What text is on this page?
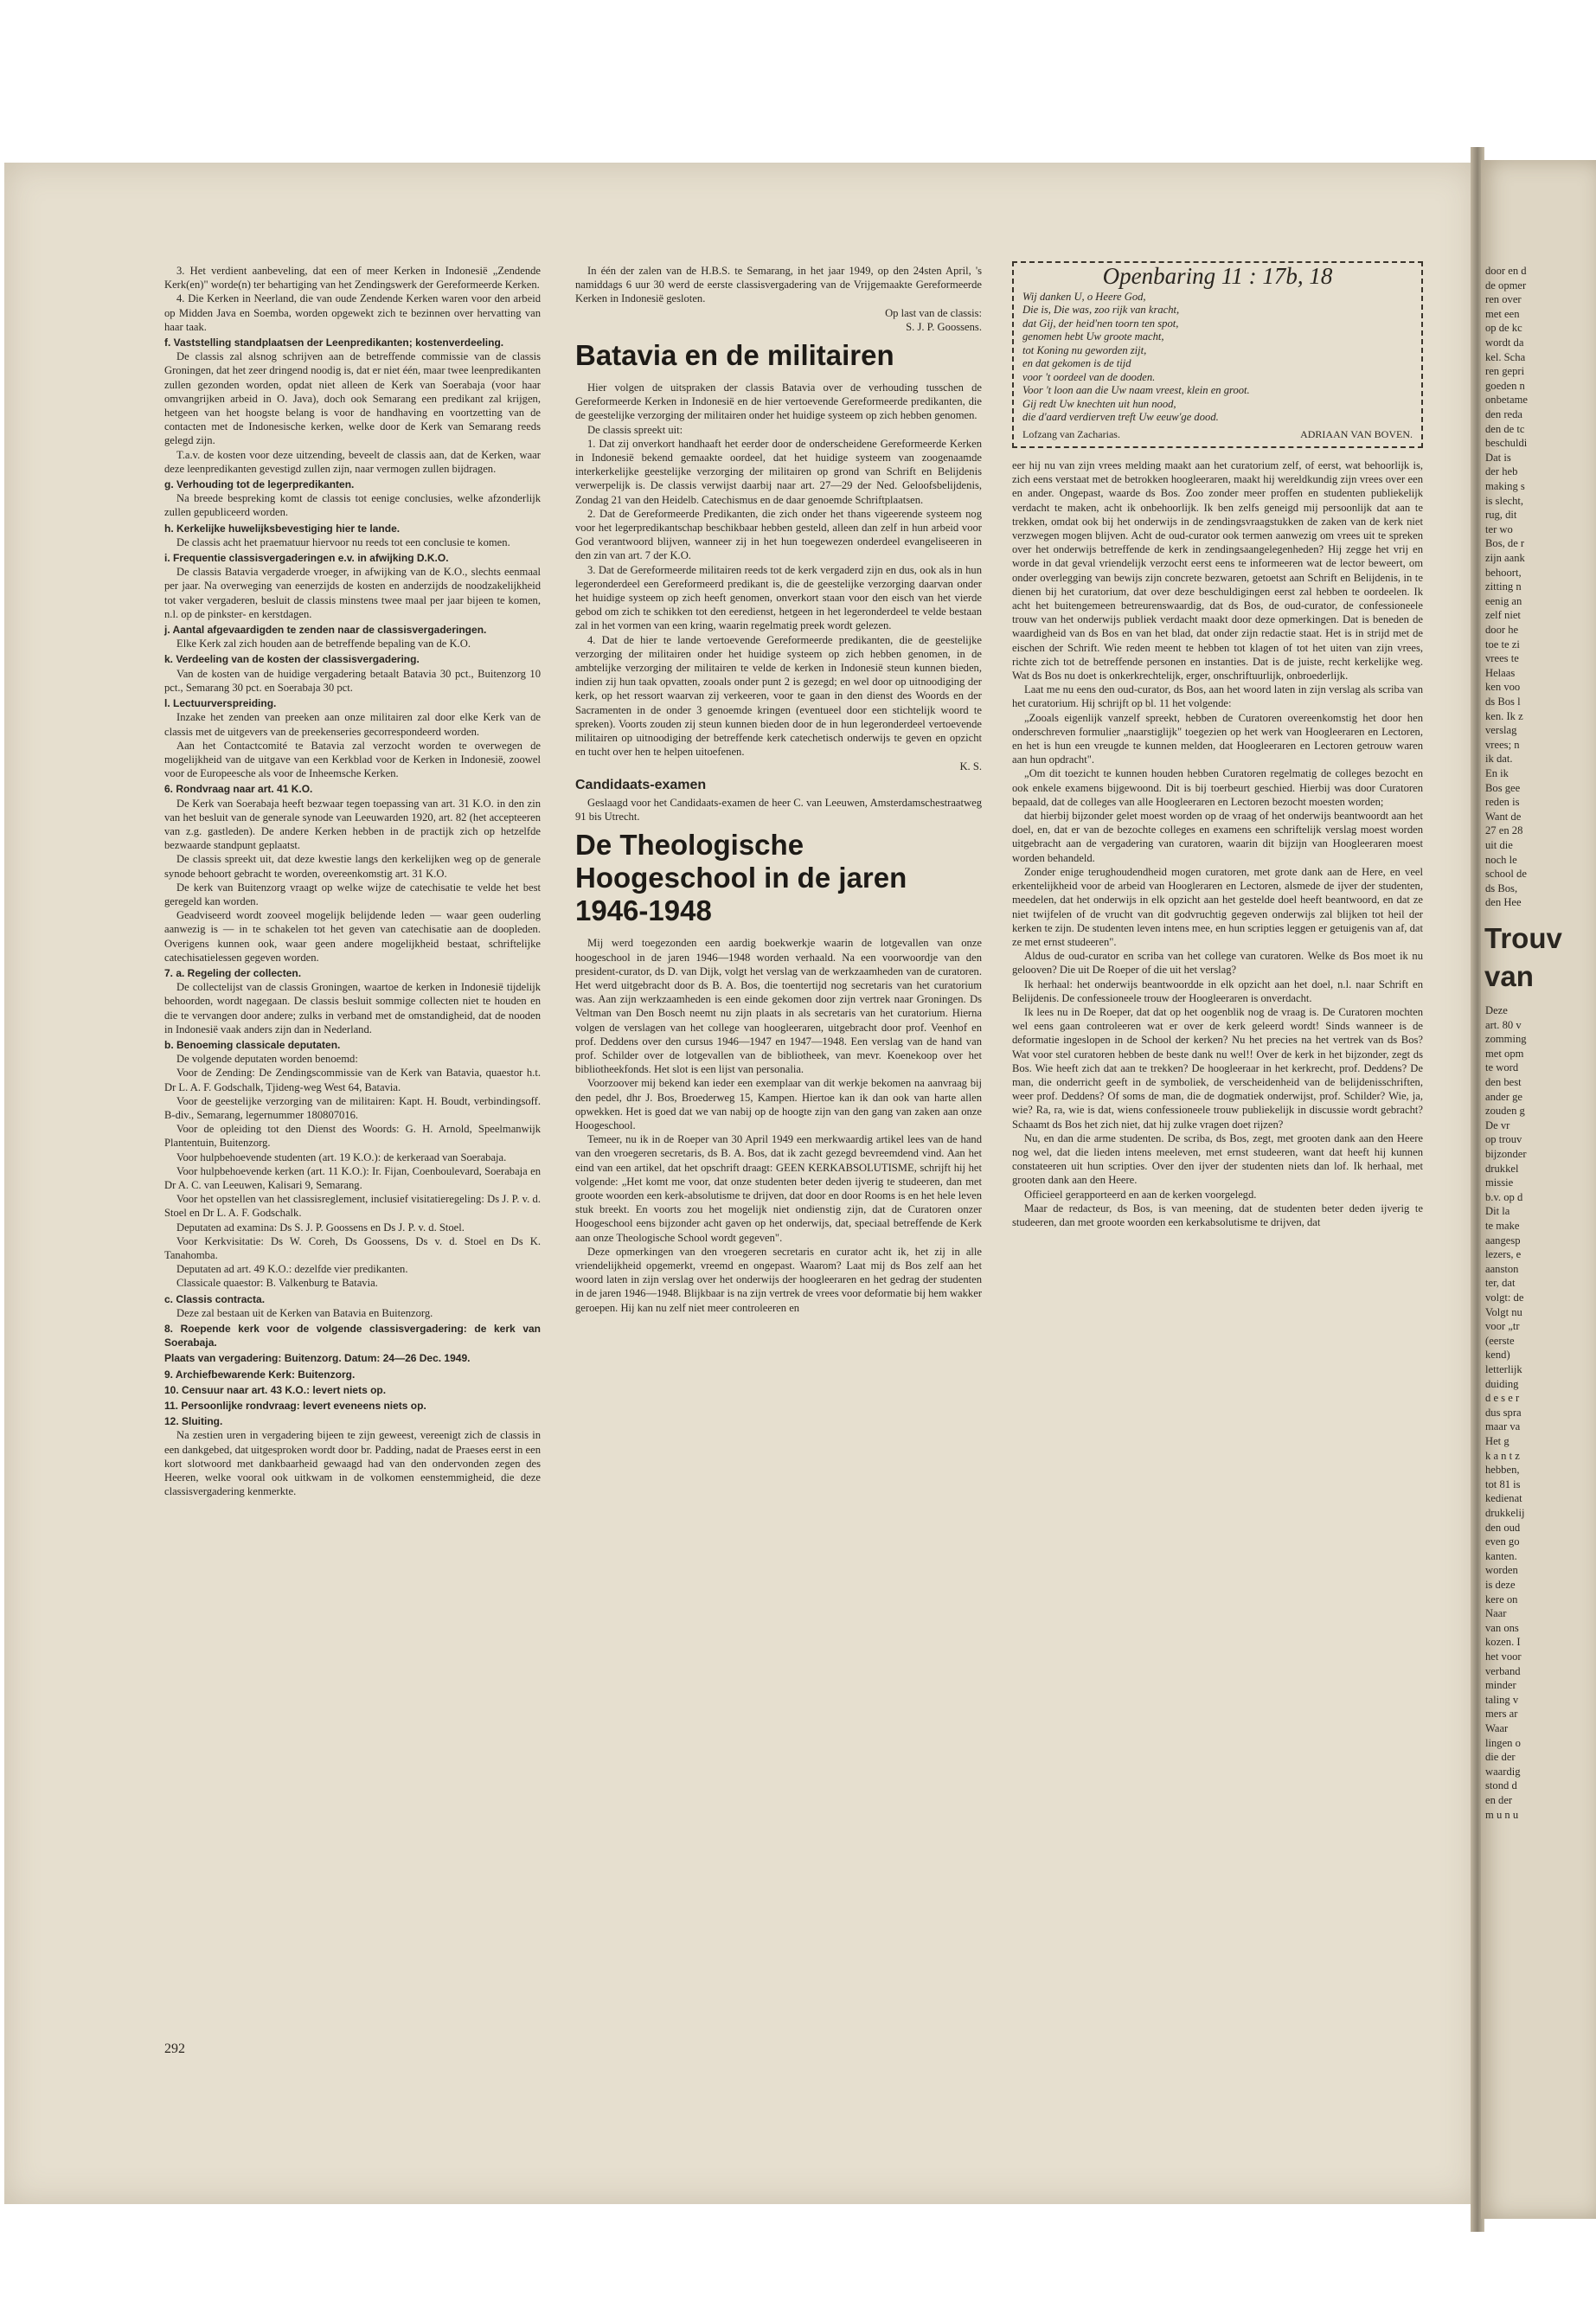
3. Het verdient aanbeveling, dat een of meer Kerken in Indonesië „Zendende Kerk(en)" worde(n) ter behartiging van het Zendingswerk der Gereformeerde Kerken.

4. Die Kerken in Neerland, die van oude Zendende Kerken waren voor den arbeid op Midden Java en Soemba, worden opgewekt zich te bezinnen over hervatting van haar taak.

f. Vaststelling standplaatsen der Leenpredikanten; kostenverdeeling.

De classis zal alsnog schrijven aan de betreffende commissie van de classis Groningen, dat het zeer dringend noodig is, dat er niet één, maar twee leenpredikanten zullen gezonden worden, opdat niet alleen de Kerk van Soerabaja (voor haar omvangrijken arbeid in O. Java), doch ook Semarang een predikant zal krijgen, hetgeen van het hoogste belang is voor de handhaving en voortzetting van de contacten met de Indonesische kerken, welke door de Kerk van Semarang reeds gelegd zijn.

T.a.v. de kosten voor deze uitzending, beveelt de classis aan, dat de Kerken, waar deze leenpredikanten gevestigd zullen zijn, naar vermogen zullen bijdragen.

g. Verhouding tot de legerpredikanten.

Na breede bespreking komt de classis tot eenige conclusies, welke afzonderlijk zullen gepubliceerd worden.

h. Kerkelijke huwelijksbevestiging hier te lande.

De classis acht het praematuur hiervoor nu reeds tot een conclusie te komen.

i. Frequentie classisvergaderingen e.v. in afwijking D.K.O.

De classis Batavia vergaderde vroeger, in afwijking van de K.O., slechts eenmaal per jaar. Na overweging van eenerzijds de kosten en anderzijds de noodzakelijkheid tot vaker vergaderen, besluit de classis minstens twee maal per jaar bijeen te komen, n.l. op de pinkster- en kerstdagen.

j. Aantal afgevaardigden te zenden naar de classisvergaderingen.

Elke Kerk zal zich houden aan de betreffende bepaling van de K.O.

k. Verdeeling van de kosten der classisvergadering.

Van de kosten van de huidige vergadering betaalt Batavia 30 pct., Buitenzorg 10 pct., Semarang 30 pct. en Soerabaja 30 pct.

l. Lectuurverspreiding.

Inzake het zenden van preeken aan onze militairen zal door elke Kerk van de classis met de uitgevers van de preekenseries gecorrespondeerd worden.

Aan het Contactcomité te Batavia zal verzocht worden te overwegen de mogelijkheid van de uitgave van een Kerkblad voor de Kerken in Indonesië, zoowel voor de Europeesche als voor de Inheemsche Kerken.

6. Rondvraag naar art. 41 K.O.

De Kerk van Soerabaja heeft bezwaar tegen toepassing van art. 31 K.O. in den zin van het besluit van de generale synode van Leeuwarden 1920, art. 82 (het accepteeren van z.g. gastleden). De andere Kerken hebben in de practijk zich op hetzelfde bezwaarde standpunt geplaatst.

De classis spreekt uit, dat deze kwestie langs den kerkelijken weg op de generale synode behoort gebracht te worden, overeenkomstig art. 31 K.O.

De kerk van Buitenzorg vraagt op welke wijze de catechisatie te velde het best geregeld kan worden.

Geadviseerd wordt zooveel mogelijk belijdende leden — waar geen ouderling aanwezig is — in te schakelen tot het geven van catechisatie aan de doopleden. Overigens kunnen ook, waar geen andere mogelijkheid bestaat, schriftelijke catechisatielessen gegeven worden.

7. a. Regeling der collecten.

De collectelijst van de classis Groningen, waartoe de kerken in Indonesië tijdelijk behoorden, wordt nagegaan. De classis besluit sommige collecten niet te houden en die te vervangen door andere; zulks in verband met de omstandigheid, dat de nooden in Indonesië vaak anders zijn dan in Nederland.

b. Benoeming classicale deputaten.

De volgende deputaten worden benoemd:

Voor de Zending: De Zendingscommissie van de Kerk van Batavia, quaestor h.t. Dr L. A. F. Godschalk, Tjideng-weg West 64, Batavia.

Voor de geestelijke verzorging van de militairen: Kapt. H. Boudt, verbindingsoff. B-div., Semarang, legernummer 180807016.

Voor de opleiding tot den Dienst des Woords: G. H. Arnold, Speelmanwijk Plantentuin, Buitenzorg.

Voor hulpbehoevende studenten (art. 19 K.O.): de kerkeraad van Soerabaja.

Voor hulpbehoevende kerken (art. 11 K.O.): Ir. Fijan, Coenboulevard, Soerabaja en Dr A. C. van Leeuwen, Kalisari 9, Semarang.

Voor het opstellen van het classisreglement, inclusief visitatieregeling: Ds J. P. v. d. Stoel en Dr L. A. F. Godschalk.

Deputaten ad examina: Ds S. J. P. Goossens en Ds J. P. v. d. Stoel.

Voor Kerkvisitatie: Ds W. Coreh, Ds Goossens, Ds v. d. Stoel en Ds K. Tanahomba.

Deputaten ad art. 49 K.O.: dezelfde vier predikanten.

Classicale quaestor: B. Valkenburg te Batavia.

c. Classis contracta.

Deze zal bestaan uit de Kerken van Batavia en Buitenzorg.

8. Roepende kerk voor de volgende classisvergadering: de kerk van Soerabaja.

Plaats van vergadering: Buitenzorg. Datum: 24—26 Dec. 1949.

9. Archiefbewarende Kerk: Buitenzorg.

10. Censuur naar art. 43 K.O.: levert niets op.

11. Persoonlijke rondvraag: levert eveneens niets op.

12. Sluiting.

Na zestien uren in vergadering bijeen te zijn geweest, vereenigt zich de classis in een dankgebed, dat uitgesproken wordt door br. Padding, nadat de Praeses eerst in een kort slotwoord met dankbaarheid gewaagd had van den ondervonden zegen des Heeren, welke vooral ook uitkwam in de volkomen eenstemmigheid, die deze classisvergadering kenmerkte.

In één der zalen van de H.B.S. te Semarang, in het jaar 1949, op den 24sten April, 's namiddags 6 uur 30 werd de eerste classisvergadering van de Vrijgemaakte Gereformeerde Kerken in Indonesië gesloten.

Op last van de classis:

S. J. P. Goossens.

Batavia en de militairen

Hier volgen de uitspraken der classis Batavia over de verhouding tusschen de Gereformeerde Kerken in Indonesië en de hier vertoevende Gereformeerde predikanten, die de geestelijke verzorging der militairen onder het huidige systeem op zich hebben genomen.

De classis spreekt uit:

1. Dat zij onverkort handhaaft het eerder door de onderscheidene Gereformeerde Kerken in Indonesië bekend gemaakte oordeel, dat het huidige systeem van zoogenaamde interkerkelijke geestelijke verzorging der militairen op grond van Schrift en Belijdenis verwerpelijk is. De classis verwijst daarbij naar art. 27—29 der Ned. Geloofsbelijdenis, Zondag 21 van den Heidelb. Catechismus en de daar genoemde Schriftplaatsen.

2. Dat de Gereformeerde Predikanten, die zich onder het thans vigeerende systeem nog voor het legerpredikantschap beschikbaar hebben gesteld, alleen dan zelf in hun arbeid voor God verantwoord blijven, wanneer zij in het hun toegewezen onderdeel evangeliseeren in den zin van art. 7 der K.O.

3. Dat de Gereformeerde militairen reeds tot de kerk vergaderd zijn en dus, ook als in hun legeronderdeel een Gereformeerd predikant is, die de geestelijke verzorging daarvan onder het huidige systeem op zich heeft genomen, onverkort staan voor den eisch van het vierde gebod om zich te schikken tot den eeredienst, hetgeen in het legeronderdeel te velde bestaan zal in het vormen van een kring, waarin regelmatig preek wordt gelezen.

4. Dat de hier te lande vertoevende Gereformeerde predikanten, die de geestelijke verzorging der militairen onder het huidige systeem op zich hebben genomen, in de ambtelijke verzorging der militairen te velde de kerken in Indonesië steun kunnen bieden, indien zij hun taak opvatten, zooals onder punt 2 is gezegd; en wel door op uitnoodiging der kerk, op het ressort waarvan zij verkeeren, voor te gaan in den dienst des Woords en der Sacramenten in de onder 3 genoemde kringen (eventueel door een stichtelijk woord te spreken). Voorts zouden zij steun kunnen bieden door de in hun legeronderdeel vertoevende militairen op uitnoodiging der betreffende kerk catechetisch onderwijs te geven en opzicht en tucht over hen te helpen uitoefenen.

K. S.

Candidaats-examen

Geslaagd voor het Candidaats-examen de heer C. van Leeuwen, Amsterdamschestraatweg 91 bis Utrecht.

De Theologische Hoogeschool in de jaren 1946-1948

Mij werd toegezonden een aardig boekwerkje waarin de lotgevallen van onze hoogeschool in de jaren 1946—1948 worden verhaald. Na een voorwoordje van den president-curator, ds D. van Dijk, volgt het verslag van de werkzaamheden van de curatoren. Het werd uitgebracht door ds B. A. Bos, die toentertijd nog secretaris van het curatorium was. Aan zijn werkzaamheden is een einde gekomen door zijn vertrek naar Groningen. Ds Veltman van Den Bosch neemt nu zijn plaats in als secretaris van het curatorium. Hierna volgen de verslagen van het college van hoogleeraren, uitgebracht door prof. Veenhof en prof. Deddens over den cursus 1946—1947 en 1947—1948. Een verslag van de hand van prof. Schilder over de lotgevallen van de bibliotheek, van mevr. Koenekoop over het bibliotheekfonds. Het slot is een lijst van personalia.

Voorzoover mij bekend kan ieder een exemplaar van dit werkje bekomen na aanvraag bij den pedel, dhr J. Bos, Broederweg 15, Kampen. Hiertoe kan ik dan ook van harte allen opwekken. Het is goed dat we van nabij op de hoogte zijn van den gang van zaken aan onze Hoogeschool.

Temeer, nu ik in de Roeper van 30 April 1949 een merkwaardig artikel lees van de hand van den vroegeren secretaris, ds B. A. Bos, dat ik zacht gezegd bevreemdend vind. Aan het eind van een artikel, dat het opschrift draagt: GEEN KERKABSOLUTISME, schrijft hij het volgende: „Het komt me voor, dat onze studenten beter deden ijverig te studeeren, dan met groote woorden een kerk-absolutisme te drijven, dat door en door Rooms is en het hele leven stuk breekt. En voorts zou het mogelijk niet ondienstig zijn, dat de Curatoren onzer Hoogeschool eens bijzonder acht gaven op het onderwijs, dat, speciaal betreffende de Kerk aan onze Theologische School wordt gegeven".

Deze opmerkingen van den vroegeren secretaris en curator acht ik, het zij in alle vriendelijkheid opgemerkt, vreemd en ongepast. Waarom? Laat mij ds Bos zelf aan het woord laten in zijn verslag over het onderwijs der hoogleeraren en het gedrag der studenten in de jaren 1946—1948. Blijkbaar is na zijn vertrek de vrees voor deformatie bij hem wakker geroepen. Hij kan nu zelf niet meer controleeren en

Openbaring 11 : 17b, 18
Wij danken U, o Heere God,
Die is, Die was, zoo rijk van kracht,
dat Gij, der heid'nen toorn ten spot,
genomen hebt Uw groote macht,
tot Koning nu geworden zijt,
en dat gekomen is de tijd
voor 't oordeel van de dooden.
Voor 't loon aan die Uw naam vreest, klein en groot.
Gij redt Uw knechten uit hun nood,
die d'aard verdierven treft Uw eeuw'ge dood.
Lofzang van Zacharias.	ADRIAAN VAN BOVEN.

eer hij nu van zijn vrees melding maakt aan het curatorium zelf, of eerst, wat behoorlijk is, zich eens verstaat met de betrokken hoogleeraren, maakt hij wereldkundig zijn vrees over een en ander. Ongepast, waarde ds Bos. Zoo zonder meer proffen en studenten publiekelijk verdacht te maken, acht ik onbehoorlijk. Ik ben zelfs geneigd mij persoonlijk dat aan te trekken, omdat ook bij het onderwijs in de zendingsvraagstukken de zaken van de kerk niet verzwegen mogen blijven. Acht de oud-curator ook termen aanwezig om vrees uit te spreken over het onderwijs betreffende de kerk in zendingsaangelegenheden? Hij zegge het vrij en worde in dat geval vriendelijk verzocht eerst eens te informeeren wat de lector beweert, om onder overlegging van bewijs zijn concrete bezwaren, getoetst aan Schrift en Belijdenis, in te dienen bij het curatorium, dat over deze beschuldigingen eerst zal hebben te oordeelen. Ik acht het buitengemeen betreurenswaardig, dat ds Bos, de oud-curator, de confessioneele trouw van het onderwijs publiek verdacht maakt door deze opmerkingen. Dat is beneden de waardigheid van ds Bos en van het blad, dat onder zijn redactie staat. Het is in strijd met de eischen der Schrift. Wie reden meent te hebben tot klagen of tot het uiten van zijn vrees, richte zich tot de betreffende personen en instanties. Dat is de juiste, recht kerkelijke weg. Wat ds Bos nu doet is onkerkrechtelijk, erger, onschriftuurlijk, onbroederlijk.

Laat me nu eens den oud-curator, ds Bos, aan het woord laten in zijn verslag als scriba van het curatorium. Hij schrijft op bl. 11 het volgende:

„Zooals eigenlijk vanzelf spreekt, hebben de Curatoren overeenkomstig het door hen onderschreven formulier „naarstiglijk" toegezien op het werk van Hoogleeraren en Lectoren, en het is hun een vreugde te kunnen melden, dat Hoogleeraren en Lectoren getrouw waren aan hun opdracht".

„Om dit toezicht te kunnen houden hebben Curatoren regelmatig de colleges bezocht en ook enkele examens bijgewoond. Dit is bij toerbeurt geschied. Hierbij was door Curatoren bepaald, dat de colleges van alle Hoogleeraren en Lectoren bezocht moesten worden;

dat hierbij bijzonder gelet moest worden op de vraag of het onderwijs beantwoordt aan het doel, en, dat er van de bezochte colleges en examens een schriftelijk verslag moest worden uitgebracht aan de vergadering van curatoren, waarin dit bijzijn van Hoogleeraren moest worden behandeld.

Zonder enige terughoudendheid mogen curatoren, met grote dank aan de Here, en veel erkentelijkheid voor de arbeid van Hoogleraren en Lectoren, alsmede de ijver der studenten, meedelen, dat het onderwijs in elk opzicht aan het gestelde doel heeft beantwoord, en dat ze niet twijfelen of de vrucht van dit godvruchtig gegeven onderwijs zal blijken tot heil der kerken te zijn. De studenten leven intens mee, en hun scripties leggen er getuigenis van af, dat ze met ernst studeeren".

Aldus de oud-curator en scriba van het college van curatoren. Welke ds Bos moet ik nu gelooven? Die uit De Roeper of die uit het verslag?

Ik herhaal: het onderwijs beantwoordde in elk opzicht aan het doel, n.l. naar Schrift en Belijdenis. De confessioneele trouw der Hoogleeraren is onverdacht.

Ik lees nu in De Roeper, dat dat op het oogenblik nog de vraag is. De Curatoren mochten wel eens gaan controleeren wat er over de kerk geleerd wordt! Sinds wanneer is de deformatie ingeslopen in de School der kerken? Nu het precies na het vertrek van ds Bos? Wat voor stel curatoren hebben de beste dank nu wel!! Over de kerk in het bijzonder, zegt ds Bos. Wie heeft zich dat aan te trekken? De hoogleeraar in het kerkrecht, prof. Deddens? De man, die onderricht geeft in de symboliek, de verscheidenheid van de belijdenisschriften, weer prof. Deddens? Of soms de man, die de dogmatiek onderwijst, prof. Schilder? Wie, ja, wie? Ra, ra, wie is dat, wiens confessioneele trouw publiekelijk in discussie wordt gebracht? Schaamt ds Bos het zich niet, dat hij zulke vragen doet rijzen?

Nu, en dan die arme studenten. De scriba, ds Bos, zegt, met grooten dank aan den Heere nog wel, dat die lieden intens meeleven, met ernst studeeren, want dat heeft hij kunnen constateeren uit hun scripties. Over den ijver der studenten niets dan lof. Ik herhaal, met grooten dank aan den Heere.

Officieel gerapporteerd en aan de kerken voorgelegd.

Maar de redacteur, ds Bos, is van meening, dat de studenten beter deden ijverig te studeeren, dan met groote woorden een kerkabsolutisme te drijven, dat

292
door en d
de opmer
ren over
met een
op de kc
wordt da
kel. Scha
ren gepri
goeden n
onbetame
den reda
den de tc
beschuldi
Dat is
der heb
making s
is slecht,
rug, dit
ter wo
Bos, de r
zijn aank
behoort,
zitting n
eenig an
zelf niet
door he
toe te zi
vrees te
Helaas
ken voo
ds Bos l
ken. Ik z
verslag
vrees; n
ik dat.
En ik
Bos gee
reden is
Want de
27 en 28
uit die
noch le
school de
ds Bos,
den Hee
Trouv
van
Deze
art. 80 v
zomming
met opm
te word
den best
ander ge
zouden g
De vr
op trouv
bijzonder
drukkel
missie
b.v. op d
Dit la
te make
aangesp
lezers, e
aanston
ter, dat
volgt: de
Volgt nu
voor „tr
(eerste
kend)
letterlijk
duiding
d e s e r
dus spra
maar va
Het g
k a n t z
hebben,
tot 81 is
kedienat
drukkelij
den oud
even go
kanten.
worden
is deze
kere on
Naar
van ons
kozen. I
het voor
verband
minder
taling v
mers ar
Waar
lingen o
die der
waardig
stond d
en der
m u n u
